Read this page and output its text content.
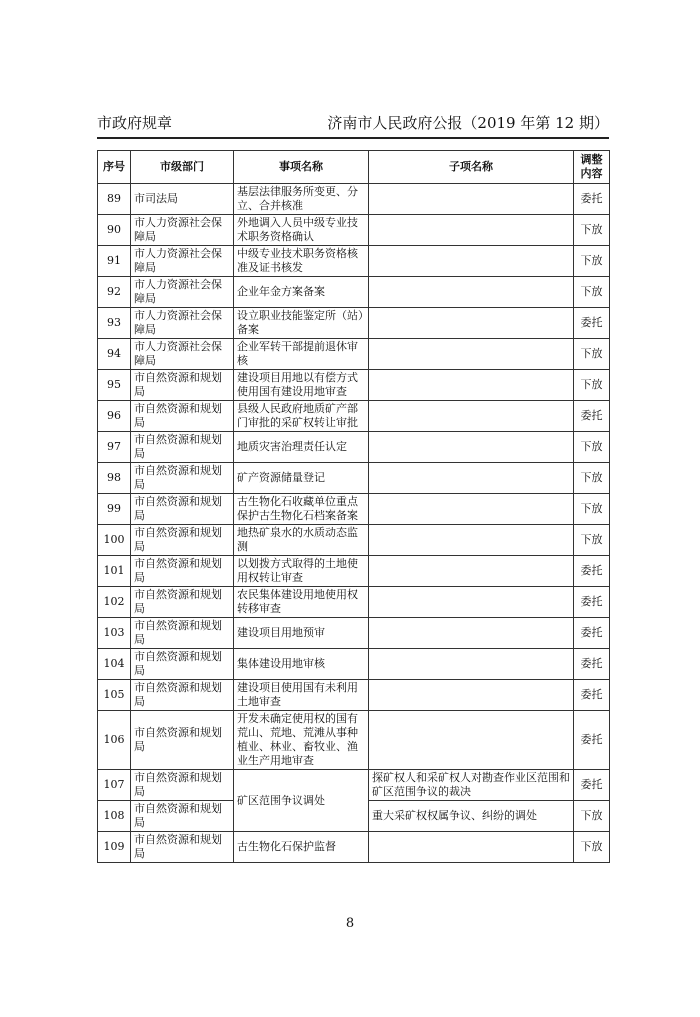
市政府规章	济南市人民政府公报（2019 年第 12 期）
序号	市级部门	事项名称	子项名称	调整内容
89	市司法局	基层法律服务所变更、分立、合并核准		委托
90	市人力资源社会保障局	外地调入人员中级专业技术职务资格确认		下放
91	市人力资源社会保障局	中级专业技术职务资格核准及证书核发		下放
92	市人力资源社会保障局	企业年金方案备案		下放
93	市人力资源社会保障局	设立职业技能鉴定所（站）备案		委托
94	市人力资源社会保障局	企业军转干部提前退休审核		下放
95	市自然资源和规划局	建设项目用地以有偿方式使用国有建设用地审查		下放
96	市自然资源和规划局	县级人民政府地质矿产部门审批的采矿权转让审批		委托
97	市自然资源和规划局	地质灾害治理责任认定		下放
98	市自然资源和规划局	矿产资源储量登记		下放
99	市自然资源和规划局	古生物化石收藏单位重点保护古生物化石档案备案		下放
100	市自然资源和规划局	地热矿泉水的水质动态监测		下放
101	市自然资源和规划局	以划拨方式取得的土地使用权转让审查		委托
102	市自然资源和规划局	农民集体建设用地使用权转移审查		委托
103	市自然资源和规划局	建设项目用地预审		委托
104	市自然资源和规划局	集体建设用地审核		委托
105	市自然资源和规划局	建设项目使用国有未利用土地审查		委托
106	市自然资源和规划局	开发未确定使用权的国有荒山、荒地、荒滩从事种植业、林业、畜牧业、渔业生产用地审查		委托
107	市自然资源和规划局	矿区范围争议调处	探矿权人和采矿权人对勘查作业区范围和矿区范围争议的裁决	委托
108	市自然资源和规划局		重大采矿权权属争议、纠纷的调处	下放
109	市自然资源和规划局	古生物化石保护监督		下放
8
